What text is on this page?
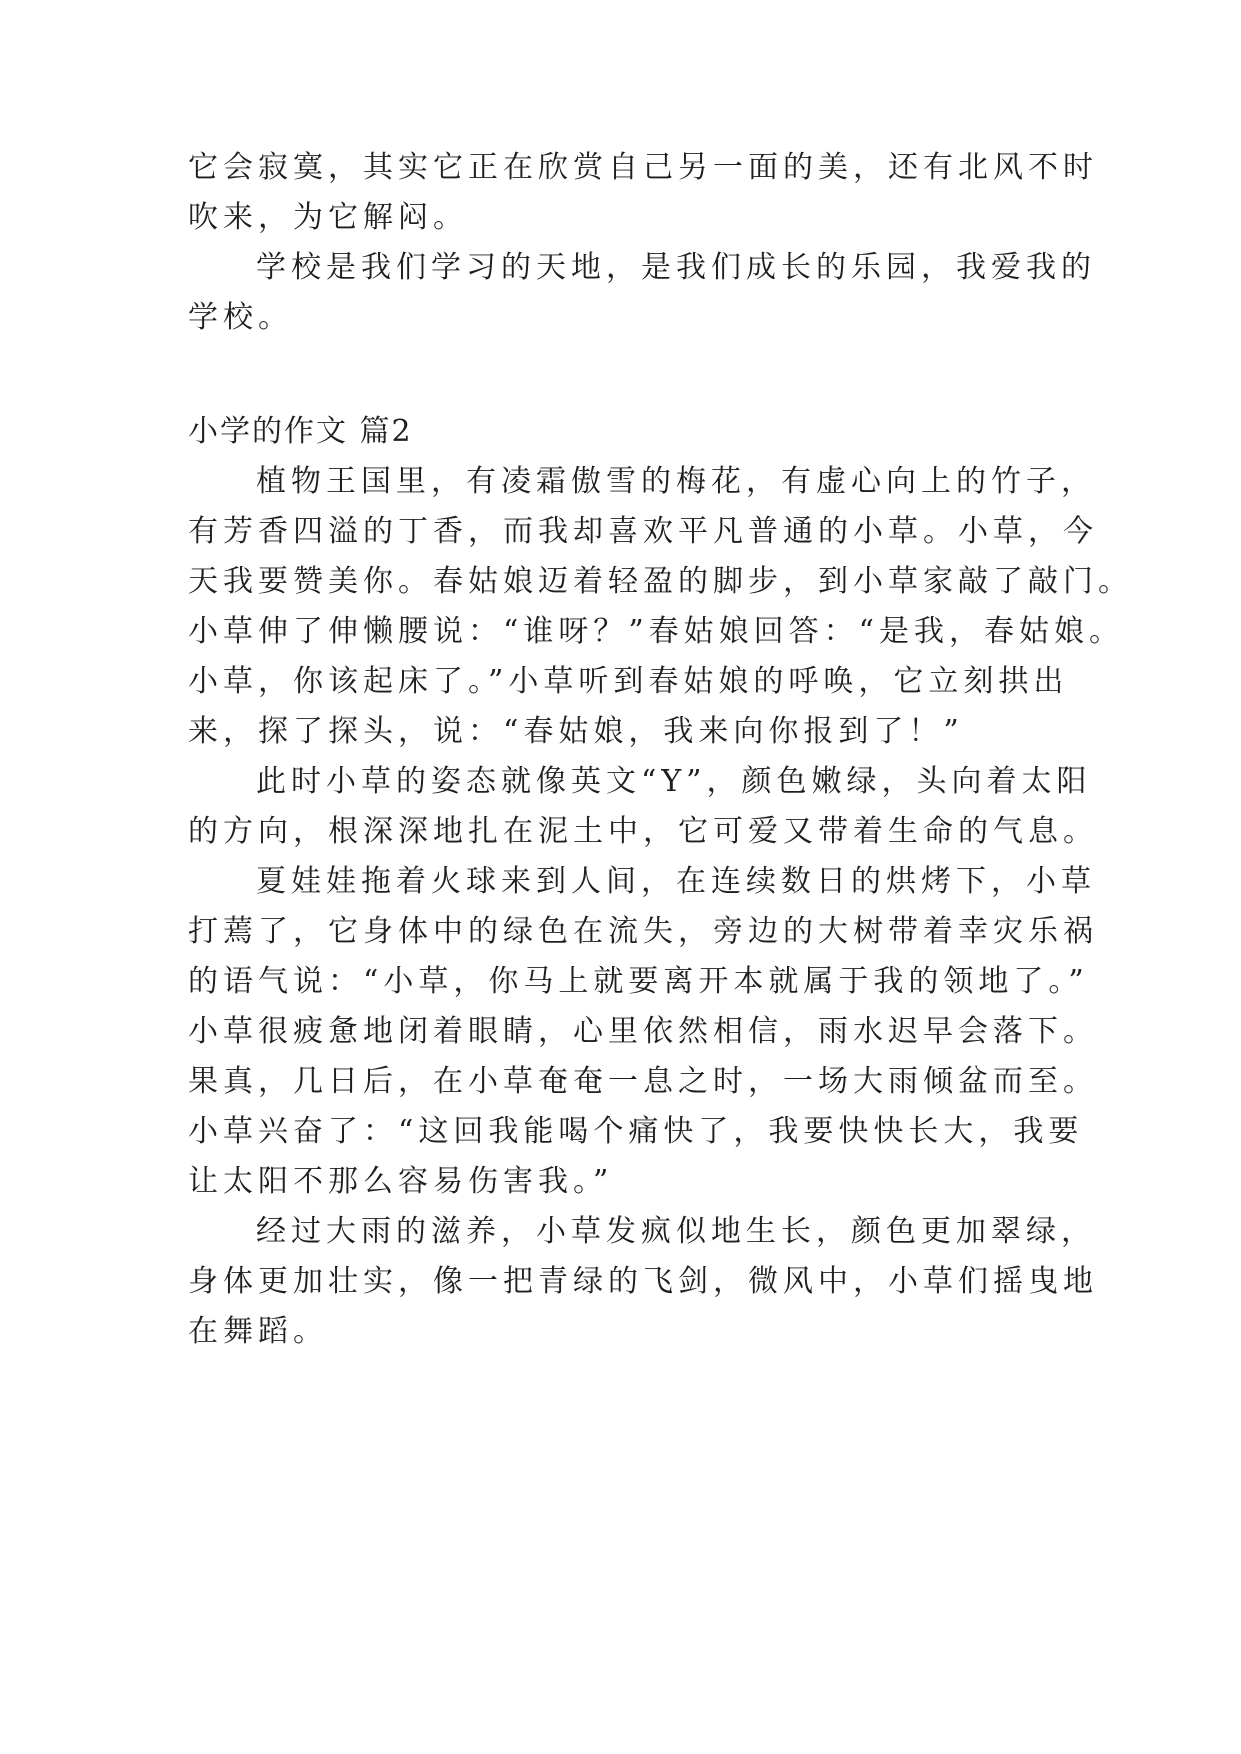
它会寂寞，其实它正在欣赏自己另一面的美，还有北风不时

吹来，为它解闷。

学校是我们学习的天地，是我们成长的乐园，我爱我的

学校。

小学的作文 篇2

植物王国里，有凌霜傲雪的梅花，有虚心向上的竹子，

有芳香四溢的丁香，而我却喜欢平凡普通的小草。小草，今

天我要赞美你。春姑娘迈着轻盈的脚步，到小草家敲了敲门。

小草伸了伸懒腰说：“谁呀？”春姑娘回答：“是我，春姑娘。

小草，你该起床了。”小草听到春姑娘的呼唤，它立刻拱出

来，探了探头，说：“春姑娘，我来向你报到了！”

此时小草的姿态就像英文“Y”，颜色嫩绿，头向着太阳

的方向，根深深地扎在泥土中，它可爱又带着生命的气息。

夏娃娃拖着火球来到人间，在连续数日的烘烤下，小草

打蔫了，它身体中的绿色在流失，旁边的大树带着幸灾乐祸

的语气说：“小草，你马上就要离开本就属于我的领地了。”

小草很疲惫地闭着眼睛，心里依然相信，雨水迟早会落下。

果真，几日后，在小草奄奄一息之时，一场大雨倾盆而至。

小草兴奋了：“这回我能喝个痛快了，我要快快长大，我要

让太阳不那么容易伤害我。”

经过大雨的滋养，小草发疯似地生长，颜色更加翠绿，

身体更加壮实，像一把青绿的飞剑，微风中，小草们摇曳地

在舞蹈。
